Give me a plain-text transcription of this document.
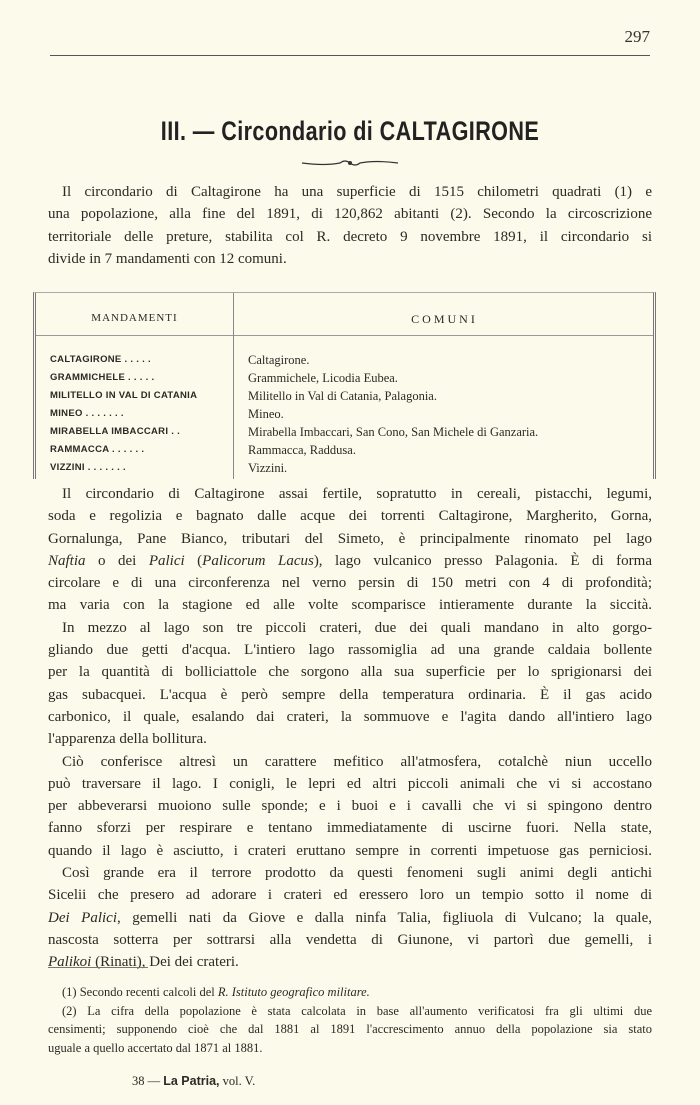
297
III. — Circondario di CALTAGIRONE
Il circondario di Caltagirone ha una superficie di 1515 chilometri quadrati (1) e
una popolazione, alla fine del 1891, di 120,862 abitanti (2). Secondo la circoscrizione
territoriale delle preture, stabilita col R. decreto 9 novembre 1891, il circondario si
divide in 7 mandamenti con 12 comuni.
MANDAMENTI	COMUNI
CALTAGIRONE . . . . .	Caltagirone.
GRAMMICHELE . . . . .	Grammichele, Licodia Eubea.
MILITELLO IN VAL DI CATANIA	Militello in Val di Catania, Palagonia.
MINEO . . . . . . .	Mineo.
MIRABELLA IMBACCARI . .	Mirabella Imbaccari, San Cono, San Michele di Ganzaria.
RAMMACCA . . . . . .	Rammacca, Raddusa.
VIZZINI . . . . . . .	Vizzini.
Il circondario di Caltagirone assai fertile, sopratutto in cereali, pistacchi, legumi,
soda e regolizia e bagnato dalle acque dei torrenti Caltagirone, Margherito, Gorna,
Gornalunga, Pane Bianco, tributari del Simeto, è principalmente rinomato pel lago
Naftia o dei Palici (Palicorum Lacus), lago vulcanico presso Palagonia. È di forma
circolare e di una circonferenza nel verno persin di 150 metri con 4 di profondità;
ma varia con la stagione ed alle volte scomparisce intieramente durante la siccità.
In mezzo al lago son tre piccoli crateri, due dei quali mandano in alto gorgo-
gliando due getti d'acqua. L'intiero lago rassomiglia ad una grande caldaia bollente
per la quantità di bolliciattole che sorgono alla sua superficie per lo sprigionarsi dei
gas subacquei. L'acqua è però sempre della temperatura ordinaria. È il gas acido
carbonico, il quale, esalando dai crateri, la sommuove e l'agita dando all'intiero lago
l'apparenza della bollitura.
Ciò conferisce altresì un carattere mefitico all'atmosfera, cotalchè niun uccello
può traversare il lago. I conigli, le lepri ed altri piccoli animali che vi si accostano
per abbeverarsi muoiono sulle sponde; e i buoi e i cavalli che vi si spingono dentro
fanno sforzi per respirare e tentano immediatamente di uscirne fuori. Nella state,
quando il lago è asciutto, i crateri eruttano sempre in correnti impetuose gas perniciosi.
Così grande era il terrore prodotto da questi fenomeni sugli animi degli antichi
Sicelii che presero ad adorare i crateri ed eressero loro un tempio sotto il nome di
Dei Palici, gemelli nati da Giove e dalla ninfa Talia, figliuola di Vulcano; la quale,
nascosta sotterra per sottrarsi alla vendetta di Giunone, vi partorì due gemelli, i
Palikoi (Rinati), Dei dei crateri.
(1) Secondo recenti calcoli del R. Istituto geografico militare.
(2) La cifra della popolazione è stata calcolata in base all'aumento verificatosi fra gli ultimi due
censimenti; supponendo cioè che dal 1881 al 1891 l'accrescimento annuo della popolazione sia stato
uguale a quello accertato dal 1871 al 1881.
38 — La Patria, vol. V.
